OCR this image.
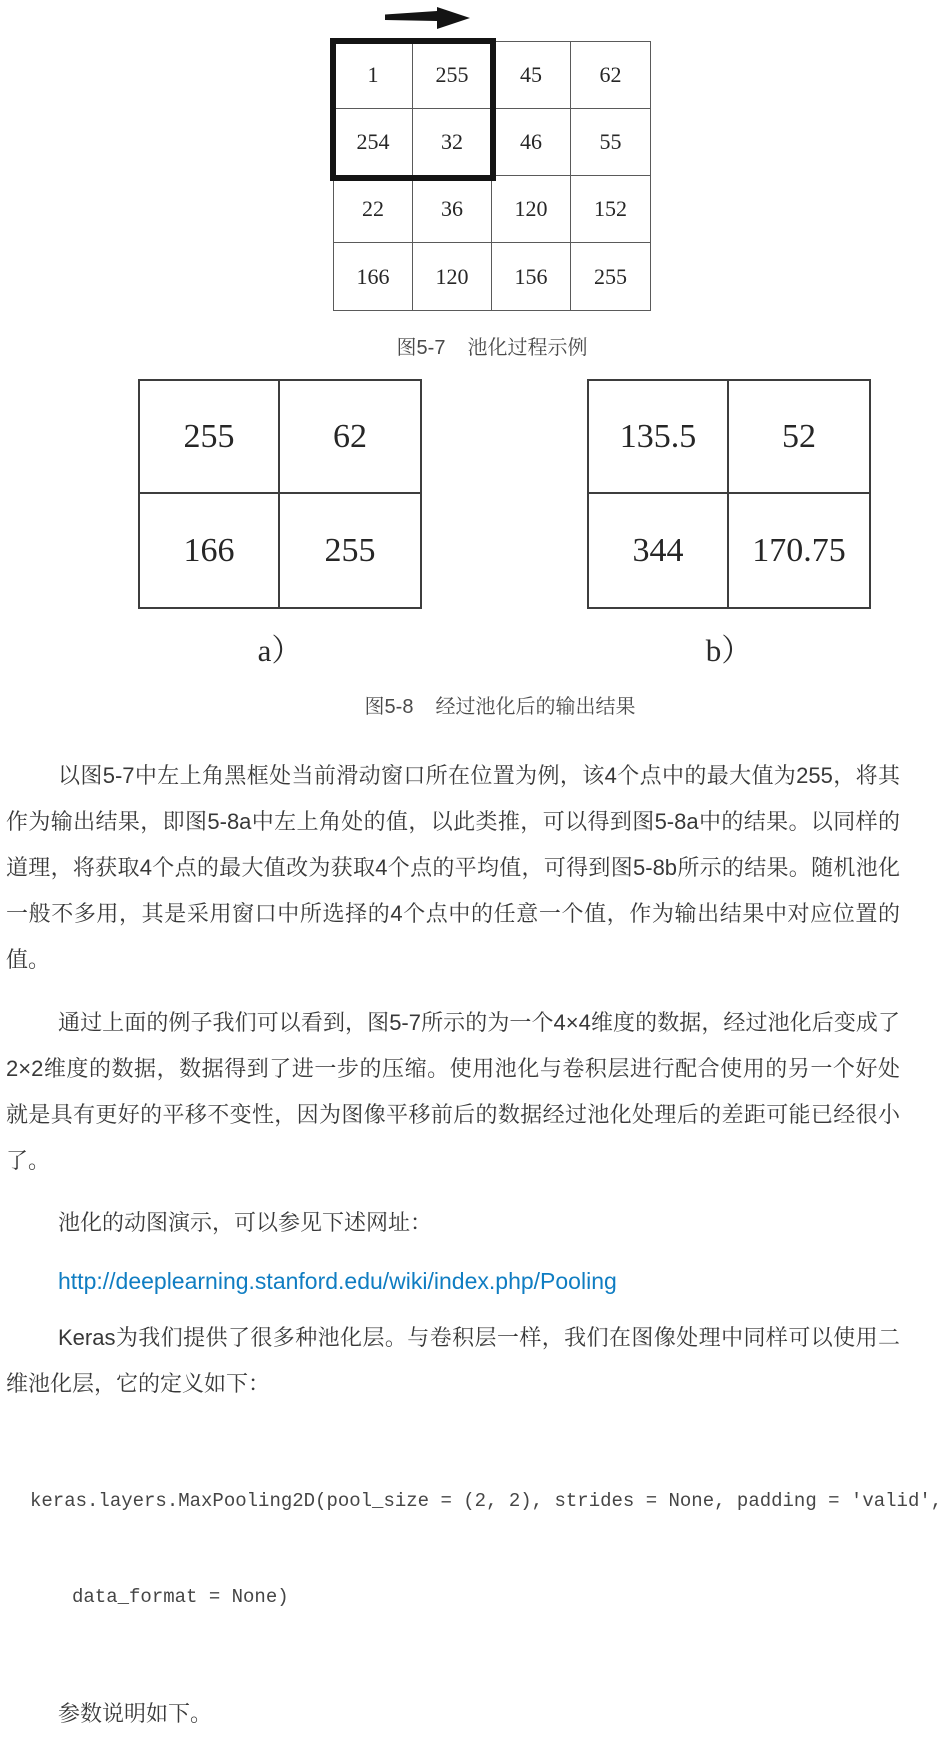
1	255	45	62
254	32	46	55
22	36	120	152
166	120	156	255
图5-7 池化过程示例
255	62
166	255
135.5	52
344	170.75
a）	b）
图5-8 经过池化后的输出结果

以图5-7中左上角黑框处当前滑动窗口所在位置为例，该4个点中的最大值为255，将其作为输出结果，即图5-8a中左上角处的值，以此类推，可以得到图5-8a中的结果。以同样的道理，将获取4个点的最大值改为获取4个点的平均值，可得到图5-8b所示的结果。随机池化一般不多用，其是采用窗口中所选择的4个点中的任意一个值，作为输出结果中对应位置的值。

通过上面的例子我们可以看到，图5-7所示的为一个4×4维度的数据，经过池化后变成了2×2维度的数据，数据得到了进一步的压缩。使用池化与卷积层进行配合使用的另一个好处就是具有更好的平移不变性，因为图像平移前后的数据经过池化处理后的差距可能已经很小了。

池化的动图演示，可以参见下述网址：

http://deeplearning.stanford.edu/wiki/index.php/Pooling

Keras为我们提供了很多种池化层。与卷积层一样，我们在图像处理中同样可以使用二维池化层，它的定义如下：

keras.layers.MaxPooling2D(pool_size = (2, 2), strides = None, padding = 'valid',

data_format = None)

参数说明如下。
